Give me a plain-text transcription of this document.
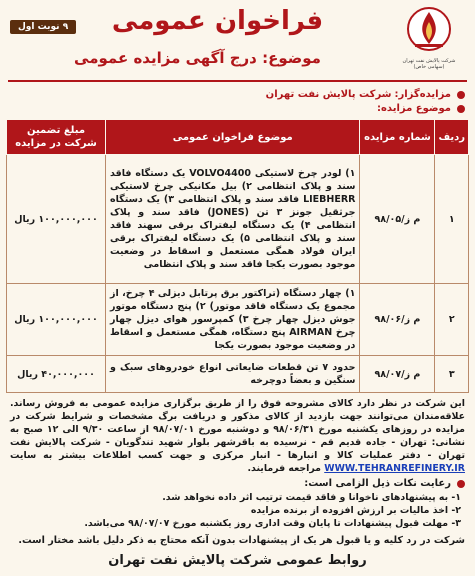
شرکت پالایش نفت تهران (سهامی خاص)
فراخوان عمومی
موضوع: درج آگهی مزایده عمومی
۹ نوبت اول
مزایده‌گزار:
شرکت پالایش نفت تهران
موضوع مزایده:
ردیف	شماره مزایده	موضوع فراخوان عمومی	مبلغ تضمین شرکت در مزایده
۱	م ز/۹۸/۰۵	۱) لودر چرخ لاستیکی VOLVO4400 یک دستگاه فاقد سند و پلاک انتظامی ۲) بیل مکانیکی چرخ لاستیکی LIEBHERR فاقد سند و پلاک انتظامی ۳) یک دستگاه جرثقیل جونز ۳ تن (JONES) فاقد سند و پلاک انتظامی ۴) یک دستگاه لیفتراک برقی سهند فاقد سند و پلاک انتظامی ۵) یک دستگاه لیفتراک برقی ایران فولاد همگی مستعمل و اسقاط در وضعیت موجود بصورت یکجا فاقد سند و پلاک انتظامی	۱۰۰,۰۰۰,۰۰۰ ریال
۲	م ز/۹۸/۰۶	۱) چهار دستگاه (تراکتور برق پرتابل دیزلی ۴ چرخ، از مجموع یک دستگاه فاقد موتور) ۲) پنج دستگاه موتور جوش دیزل چهار چرخ ۳) کمپرسور هوای دیزل چهار چرخ AIRMAN پنج دستگاه، همگی مستعمل و اسقاط در وضعیت موجود بصورت یکجا	۱۰۰,۰۰۰,۰۰۰ ریال
۳	م ز/۹۸/۰۷	حدود ۷ تن قطعات ضایعاتی انواع خودروهای سبک و سنگین و بعضاً دوچرخه	۴۰,۰۰۰,۰۰۰ ریال
این شرکت در نظر دارد کالای مشروحه فوق را از طریق برگزاری مزایده عمومی به فروش رساند. علاقه‌مندان می‌توانند جهت بازدید از کالای مذکور و دریافت برگ مشخصات و شرایط شرکت در مزایده در روزهای یکشنبه مورخ ۹۸/۰۶/۳۱ و دوشنبه مورخ ۹۸/۰۷/۰۱ از ساعت ۹/۳۰ الی ۱۲ صبح به نشانی: تهران - جاده قدیم قم - نرسیده به باقرشهر بلوار شهید تندگویان - شرکت پالایش نفت تهران - دفتر عملیات کالا و انبارها - انبار مرکزی و جهت کسب اطلاعات بیشتر به سایت WWW.TEHRANREFINERY.IR مراجعه فرمایند.
رعایت نکات ذیل الزامی است:
۱- به پیشنهادهای ناخوانا و فاقد قیمت ترتیب اثر داده نخواهد شد.
۲- اخذ مالیات بر ارزش افزوده از برنده مزایده
۳- مهلت قبول پیشنهادات تا پایان وقت اداری روز یکشنبه مورخ ۹۸/۰۷/۰۷ می‌باشد.
شرکت در رد کلیه و یا قبول هر یک از پیشنهادات بدون آنکه محتاج به ذکر دلیل باشد مختار است.
روابط عمومی شرکت پالایش نفت تهران
